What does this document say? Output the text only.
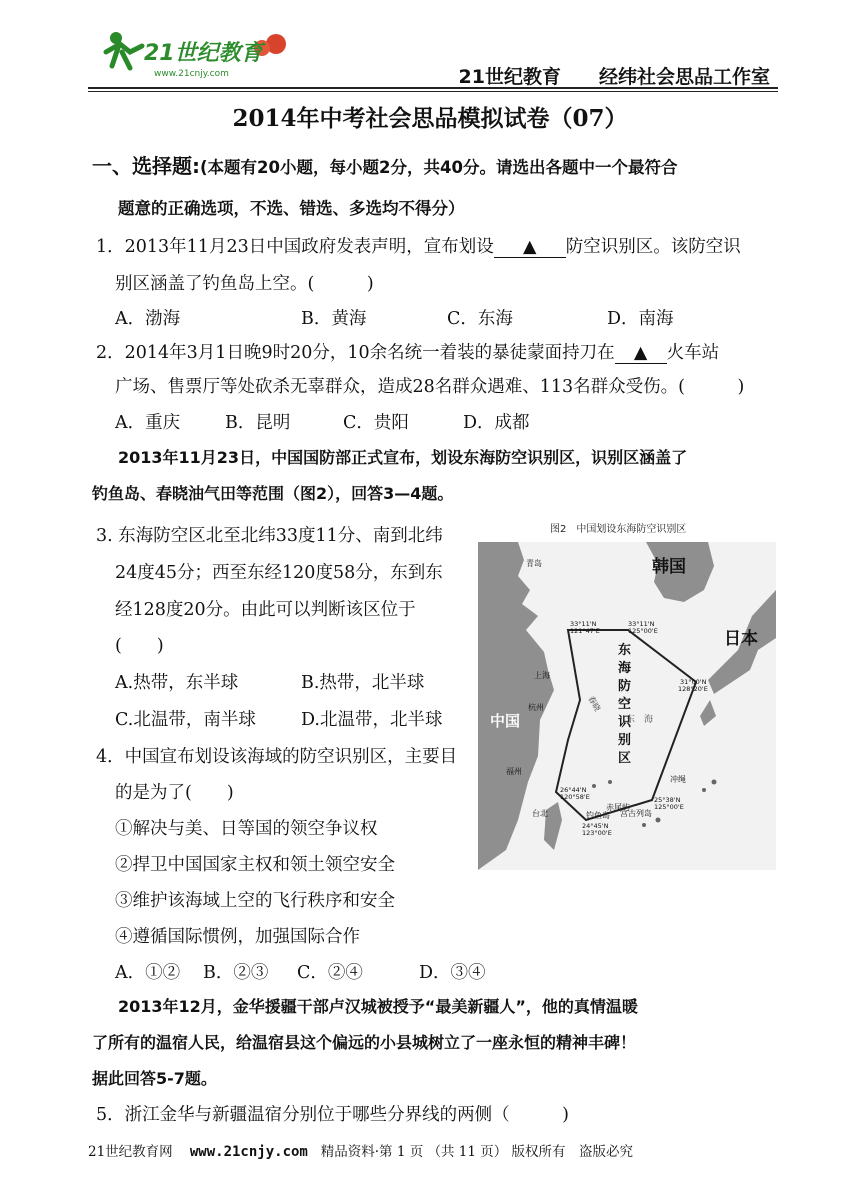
21世纪教育
www.21cnjy.com	21世纪教育　　经纬社会思品工作室
2014年中考社会思品模拟试卷（07）
一、选择题:(本题有20小题，每小题2分，共40分。请选出各题中一个最符合
题意的正确选项，不选、错选、多选均不得分）
1．2013年11月23日中国政府发表声明，宣布划设 ▲ 防空识别区。该防空识
别区涵盖了钓鱼岛上空。(　　　)
A．渤海	B．黄海	C．东海	D．南海
2．2014年3月1日晚9时20分，10余名统一着装的暴徒蒙面持刀在 ▲ 火车站
广场、售票厅等处砍杀无辜群众，造成28名群众遇难、113名群众受伤。(　　　)
A．重庆	B．昆明	C．贵阳	D．成都
2013年11月23日，中国国防部正式宣布，划设东海防空识别区，识别区涵盖了
钓鱼岛、春晓油气田等范围（图2），回答3—4题。
3. 东海防空区北至北纬33度11分、南到北纬
24度45分；西至东经120度58分，东到东
经128度20分。由此可以判断该区位于
(　　)
A.热带，东半球	B.热带，北半球
C.北温带，南半球	D.北温带，北半球
4．中国宣布划设该海域的防空识别区，主要目
的是为了(　　)
①解决与美、日等国的领空争议权
②捍卫中国国家主权和领土领空安全
③维护该海域上空的飞行秩序和安全
④遵循国际惯例，加强国际合作
A．①② B．②③ C．②④	D．③④
2013年12月，金华援疆干部卢汉城被授予“最美新疆人”，他的真情温暖
了所有的温宿人民，给温宿县这个偏远的小县城树立了一座永恒的精神丰碑！
据此回答5-7题。
5．浙江金华与新疆温宿分别位于哪些分界线的两侧（　　　)
21世纪教育网 www.21cnjy.com 精品资料·第 1 页 （共 11 页） 版权所有　盗版必究
图2　中国划设东海防空识别区
韩国
日本
中国
青岛
上海
杭州
福州
台北
春晓
东　海
赤尾屿
钓鱼岛
冲绳
宫古列岛
东
海
防
空
识
别
区
33°11'N
121°47'E
33°11'N
125°00'E
31°00'N
128°20'E
26°44'N
120°58'E	25°38'N
125°00'E
24°45'N
123°00'E
